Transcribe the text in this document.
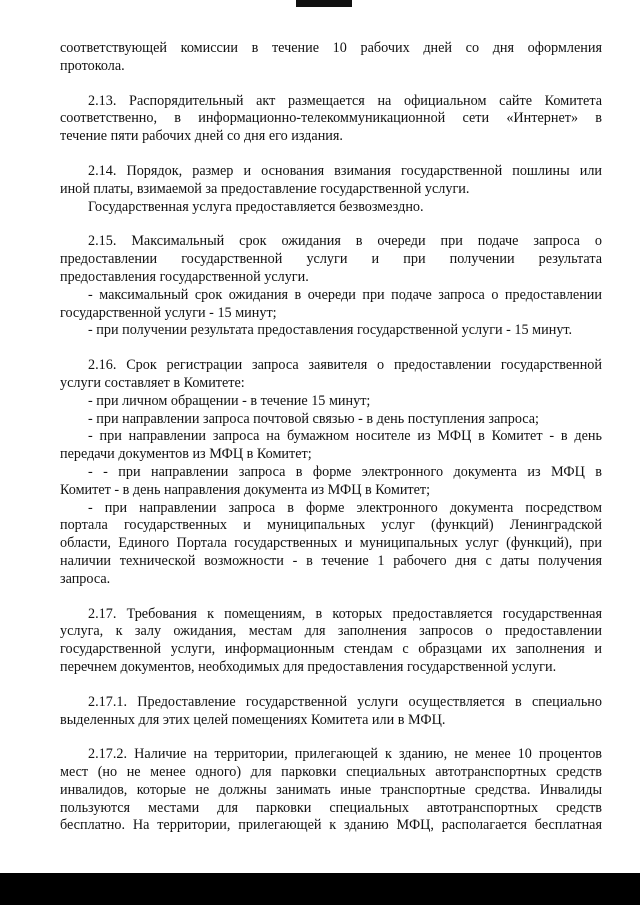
соответствующей комиссии в течение 10 рабочих дней со дня оформления
протокола.

2.13. Распорядительный акт размещается на официальном сайте Комитета
соответственно, в информационно-телекоммуникационной сети «Интернет» в
течение пяти рабочих дней со дня его издания.

2.14. Порядок, размер и основания взимания государственной пошлины или
иной платы, взимаемой за предоставление государственной услуги.
Государственная услуга предоставляется безвозмездно.

2.15. Максимальный срок ожидания в очереди при подаче запроса о
предоставлении государственной услуги и при получении результата
предоставления государственной услуги.
- максимальный срок ожидания в очереди при подаче запроса о предоставлении
государственной услуги - 15 минут;
- при получении результата предоставления государственной услуги - 15 минут.

2.16. Срок регистрации запроса заявителя о предоставлении государственной
услуги составляет в Комитете:
- при личном обращении - в течение 15 минут;
- при направлении запроса почтовой связью - в день поступления запроса;
- при направлении запроса на бумажном носителе из МФЦ в Комитет - в день
передачи документов из МФЦ в Комитет;
- - при направлении запроса в форме электронного документа из МФЦ в
Комитет - в день направления документа из МФЦ в Комитет;
- при направлении запроса в форме электронного документа посредством
портала государственных и муниципальных услуг (функций) Ленинградской
области, Единого Портала государственных и муниципальных услуг (функций), при
наличии технической возможности - в течение 1 рабочего дня с даты получения
запроса.

2.17. Требования к помещениям, в которых предоставляется государственная
услуга, к залу ожидания, местам для заполнения запросов о предоставлении
государственной услуги, информационным стендам с образцами их заполнения и
перечнем документов, необходимых для предоставления государственной услуги.

2.17.1. Предоставление государственной услуги осуществляется в специально
выделенных для этих целей помещениях Комитета или в МФЦ.

2.17.2. Наличие на территории, прилегающей к зданию, не менее 10 процентов
мест (но не менее одного) для парковки специальных автотранспортных средств
инвалидов, которые не должны занимать иные транспортные средства. Инвалиды
пользуются местами для парковки специальных автотранспортных средств
бесплатно. На территории, прилегающей к зданию МФЦ, располагается бесплатная
